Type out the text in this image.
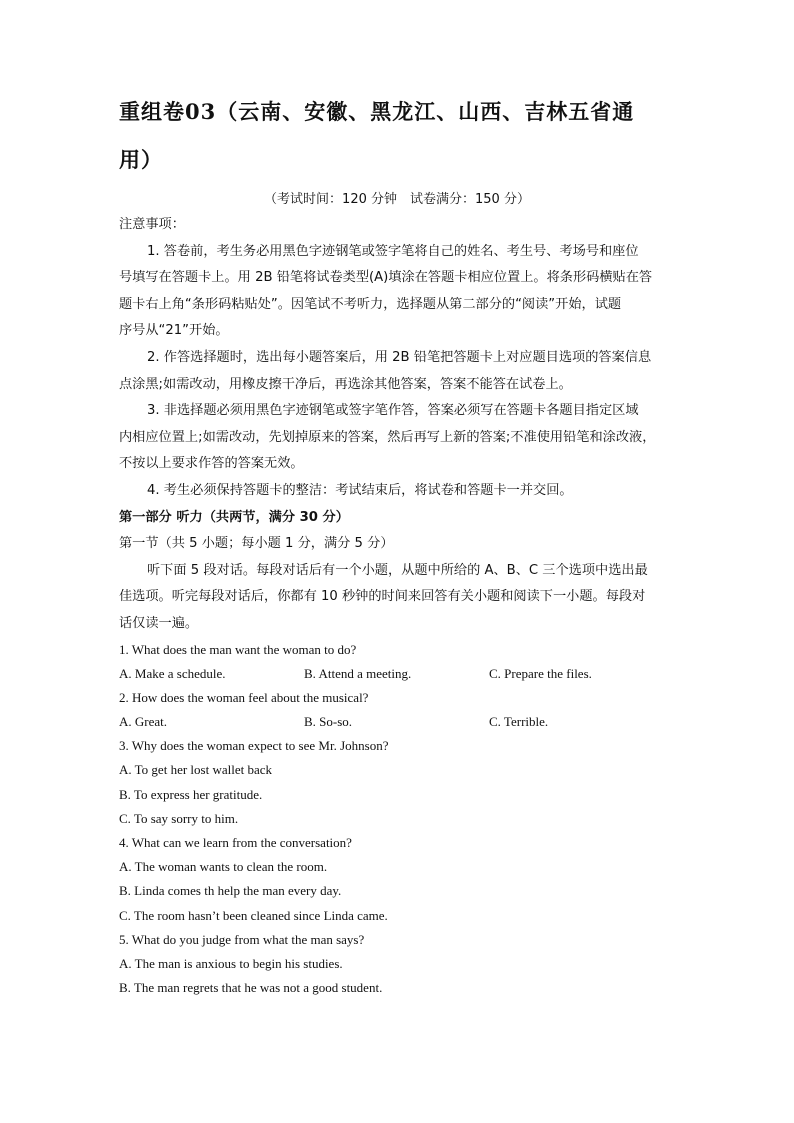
重组卷03（云南、安徽、黑龙江、山西、吉林五省通
用）
（考试时间：120 分钟　试卷满分：150 分）
注意事项：
1. 答卷前，考生务必用黑色字迹钢笔或签字笔将自己的姓名、考生号、考场号和座位
号填写在答题卡上。用 2B 铅笔将试卷类型(A)填涂在答题卡相应位置上。将条形码横贴在答
题卡右上角“条形码粘贴处”。因笔试不考听力，选择题从第二部分的“阅读”开始，试题
序号从“21”开始。
2. 作答选择题时，选出每小题答案后，用 2B 铅笔把答题卡上对应题目选项的答案信息
点涂黑;如需改动，用橡皮擦干净后，再选涂其他答案，答案不能答在试卷上。
3. 非选择题必须用黑色字迹钢笔或签字笔作答，答案必须写在答题卡各题目指定区域
内相应位置上;如需改动，先划掉原来的答案，然后再写上新的答案;不准使用铅笔和涂改液，
不按以上要求作答的答案无效。
4. 考生必须保持答题卡的整洁：考试结束后，将试卷和答题卡一并交回。
第一部分 听力（共两节，满分 30 分）
第一节（共 5 小题；每小题 1 分，满分 5 分）
听下面 5 段对话。每段对话后有一个小题，从题中所给的 A、B、C 三个选项中选出最
佳选项。听完每段对话后，你都有 10 秒钟的时间来回答有关小题和阅读下一小题。每段对
话仅读一遍。
1. What does the man want the woman to do?
A. Make a schedule.	B. Attend a meeting.	C. Prepare the files.
2. How does the woman feel about the musical?
A. Great.	B. So-so.	C. Terrible.
3. Why does the woman expect to see Mr. Johnson?
A. To get her lost wallet back
B. To express her gratitude.
C. To say sorry to him.
4. What can we learn from the conversation?
A. The woman wants to clean the room.
B. Linda comes th help the man every day.
C. The room hasn’t been cleaned since Linda came.
5. What do you judge from what the man says?
A. The man is anxious to begin his studies.
B. The man regrets that he was not a good student.
